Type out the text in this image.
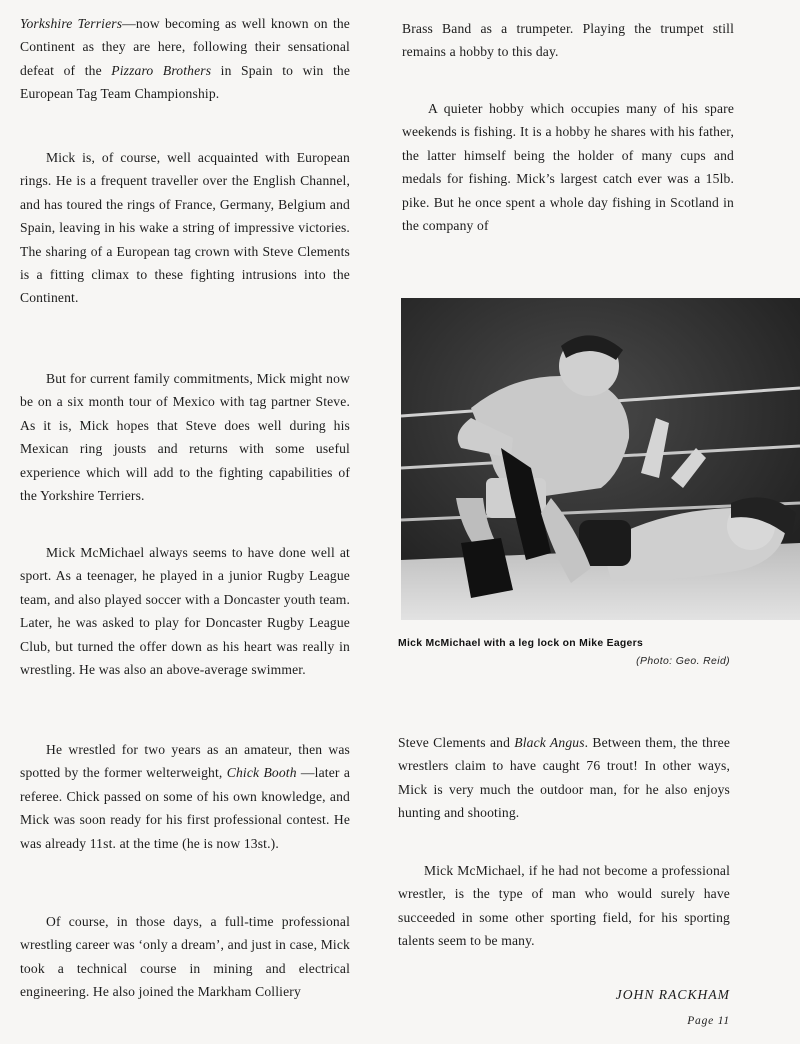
Yorkshire Terriers—now becoming as well known on the Continent as they are here, following their sensational defeat of the Pizzaro Brothers in Spain to win the European Tag Team Championship.

Mick is, of course, well acquainted with European rings. He is a frequent traveller over the English Channel, and has toured the rings of France, Germany, Belgium and Spain, leaving in his wake a string of impressive victories. The sharing of a European tag crown with Steve Clements is a fitting climax to these fighting intrusions into the Continent.

But for current family commitments, Mick might now be on a six month tour of Mexico with tag partner Steve. As it is, Mick hopes that Steve does well during his Mexican ring jousts and returns with some useful experience which will add to the fighting capabilities of the Yorkshire Terriers.

Mick McMichael always seems to have done well at sport. As a teenager, he played in a junior Rugby League team, and also played soccer with a Doncaster youth team. Later, he was asked to play for Doncaster Rugby League Club, but turned the offer down as his heart was really in wrestling. He was also an above-average swimmer.

He wrestled for two years as an amateur, then was spotted by the former welterweight, Chick Booth —later a referee. Chick passed on some of his own knowledge, and Mick was soon ready for his first professional contest. He was already 11st. at the time (he is now 13st.).

Of course, in those days, a full-time professional wrestling career was ‘only a dream’, and just in case, Mick took a technical course in mining and electrical engineering. He also joined the Markham Colliery

Brass Band as a trumpeter. Playing the trumpet still remains a hobby to this day.

A quieter hobby which occupies many of his spare weekends is fishing. It is a hobby he shares with his father, the latter himself being the holder of many cups and medals for fishing. Mick’s largest catch ever was a 15lb. pike. But he once spent a whole day fishing in Scotland in the company of

Mick McMichael with a leg lock on Mike Eagers
(Photo: Geo. Reid)

Steve Clements and Black Angus. Between them, the three wrestlers claim to have caught 76 trout! In other ways, Mick is very much the outdoor man, for he also enjoys hunting and shooting.

Mick McMichael, if he had not become a professional wrestler, is the type of man who would surely have succeeded in some other sporting field, for his sporting talents seem to be many.

JOHN RACKHAM
Page 11
